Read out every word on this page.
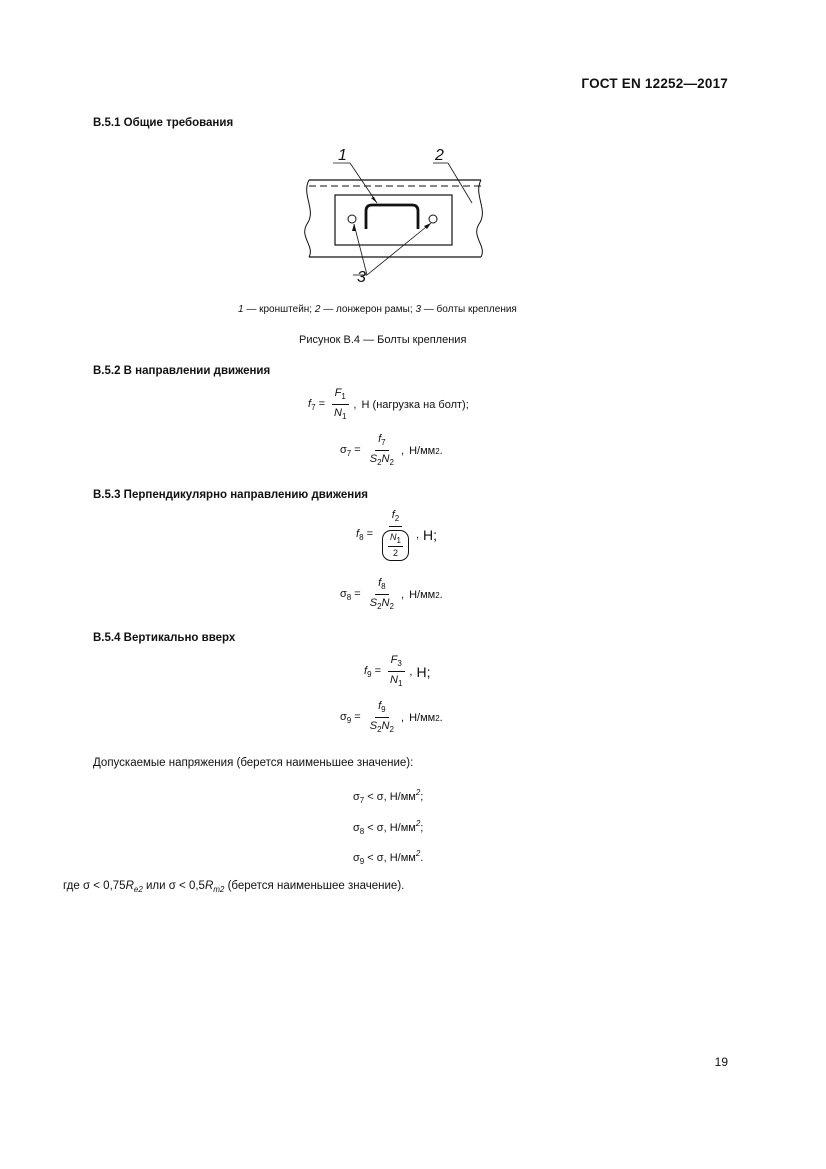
ГОСТ EN 12252—2017
В.5.1 Общие требования
1	2
3
1 — кронштейн; 2 — лонжерон рамы; 3 — болты крепления
Рисунок В.4 — Болты крепления
В.5.2 В направлении движения
$f_7 = \frac{F_1}{N_1}$ , Н (нагрузка на болт);
$\sigma_7 = \frac{f_7}{S_2N_2}$ , Н/мм 2 .
В.5.3 Перпендикулярно направлению движения
$f_8 = \frac{f_2}{\frac{N_1}{2}}$ , Н;
$\sigma_8 = \frac{f_8}{S_2N_2}$ , Н/мм 2 .
В.5.4 Вертикально вверх
$f_9 = \frac{F_3}{N_1}$ , Н;
$\sigma_9 = \frac{f_9}{S_2N_2}$ , Н/мм 2 .
Допускаемые напряжения (берется наименьшее значение):
$\sigma_7 < \sigma$, $Н/мм^2$;
$\sigma_8 < \sigma$, $Н/мм^2$;
$\sigma_9 < \sigma$, $Н/мм^2$.
где $\sigma < 0,75R_{e2}$ или $\sigma < 0,5R_{m2}$ (берется наименьшее значение).
19
